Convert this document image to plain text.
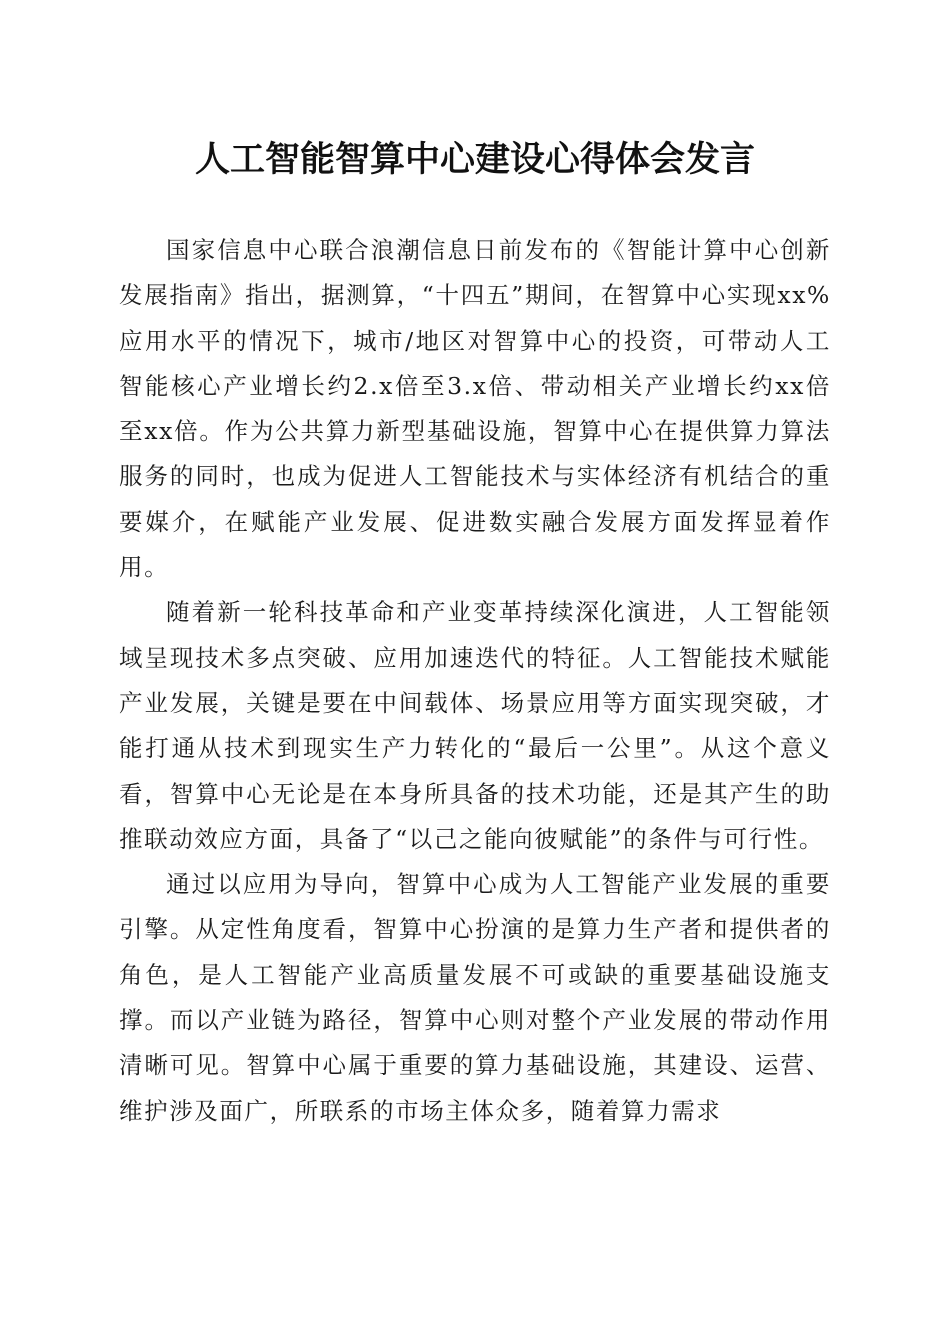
人工智能智算中心建设心得体会发言

国家信息中心联合浪潮信息日前发布的《智能计算中心创新发展指南》指出，据测算，“十四五”期间，在智算中心实现xx%应用水平的情况下，城市/地区对智算中心的投资，可带动人工智能核心产业增长约2.x倍至3.x倍、带动相关产业增长约xx倍至xx倍。作为公共算力新型基础设施，智算中心在提供算力算法服务的同时，也成为促进人工智能技术与实体经济有机结合的重要媒介，在赋能产业发展、促进数实融合发展方面发挥显着作用。

随着新一轮科技革命和产业变革持续深化演进，人工智能领域呈现技术多点突破、应用加速迭代的特征。人工智能技术赋能产业发展，关键是要在中间载体、场景应用等方面实现突破，才能打通从技术到现实生产力转化的“最后一公里”。从这个意义看，智算中心无论是在本身所具备的技术功能，还是其产生的助推联动效应方面，具备了“以己之能向彼赋能”的条件与可行性。

通过以应用为导向，智算中心成为人工智能产业发展的重要引擎。从定性角度看，智算中心扮演的是算力生产者和提供者的角色，是人工智能产业高质量发展不可或缺的重要基础设施支撑。而以产业链为路径，智算中心则对整个产业发展的带动作用清晰可见。智算中心属于重要的算力基础设施，其建设、运营、维护涉及面广，所联系的市场主体众多，随着算力需求
